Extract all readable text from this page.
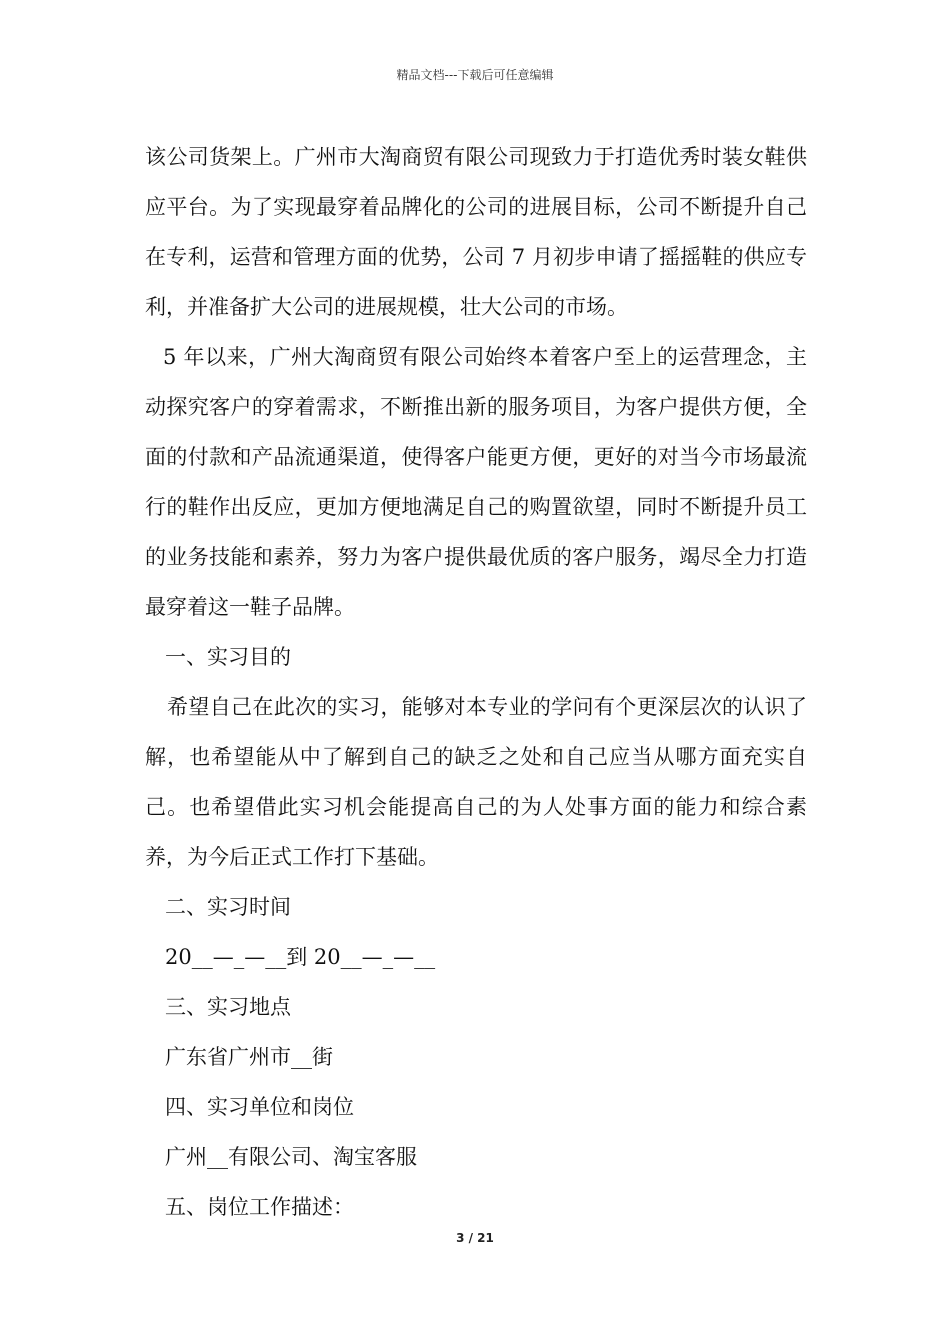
精品文档---下载后可任意编辑

该公司货架上。广州市大淘商贸有限公司现致力于打造优秀时装女鞋供应平台。为了实现最穿着品牌化的公司的进展目标，公司不断提升自己在专利，运营和管理方面的优势，公司 7 月初步申请了摇摇鞋的供应专利，并准备扩大公司的进展规模，壮大公司的市场。

5 年以来，广州大淘商贸有限公司始终本着客户至上的运营理念，主动探究客户的穿着需求，不断推出新的服务项目，为客户提供方便，全面的付款和产品流通渠道，使得客户能更方便，更好的对当今市场最流行的鞋作出反应，更加方便地满足自己的购置欲望，同时不断提升员工的业务技能和素养，努力为客户提供最优质的客户服务，竭尽全力打造最穿着这一鞋子品牌。

一、实习目的

希望自己在此次的实习，能够对本专业的学问有个更深层次的认识了解，也希望能从中了解到自己的缺乏之处和自己应当从哪方面充实自己。也希望借此实习机会能提高自己的为人处事方面的能力和综合素养，为今后正式工作打下基础。

二、实习时间

20__—_—__到 20__—_—__

三、实习地点

广东省广州市__街

四、实习单位和岗位

广州__有限公司、淘宝客服

五、岗位工作描述：

3 / 21
